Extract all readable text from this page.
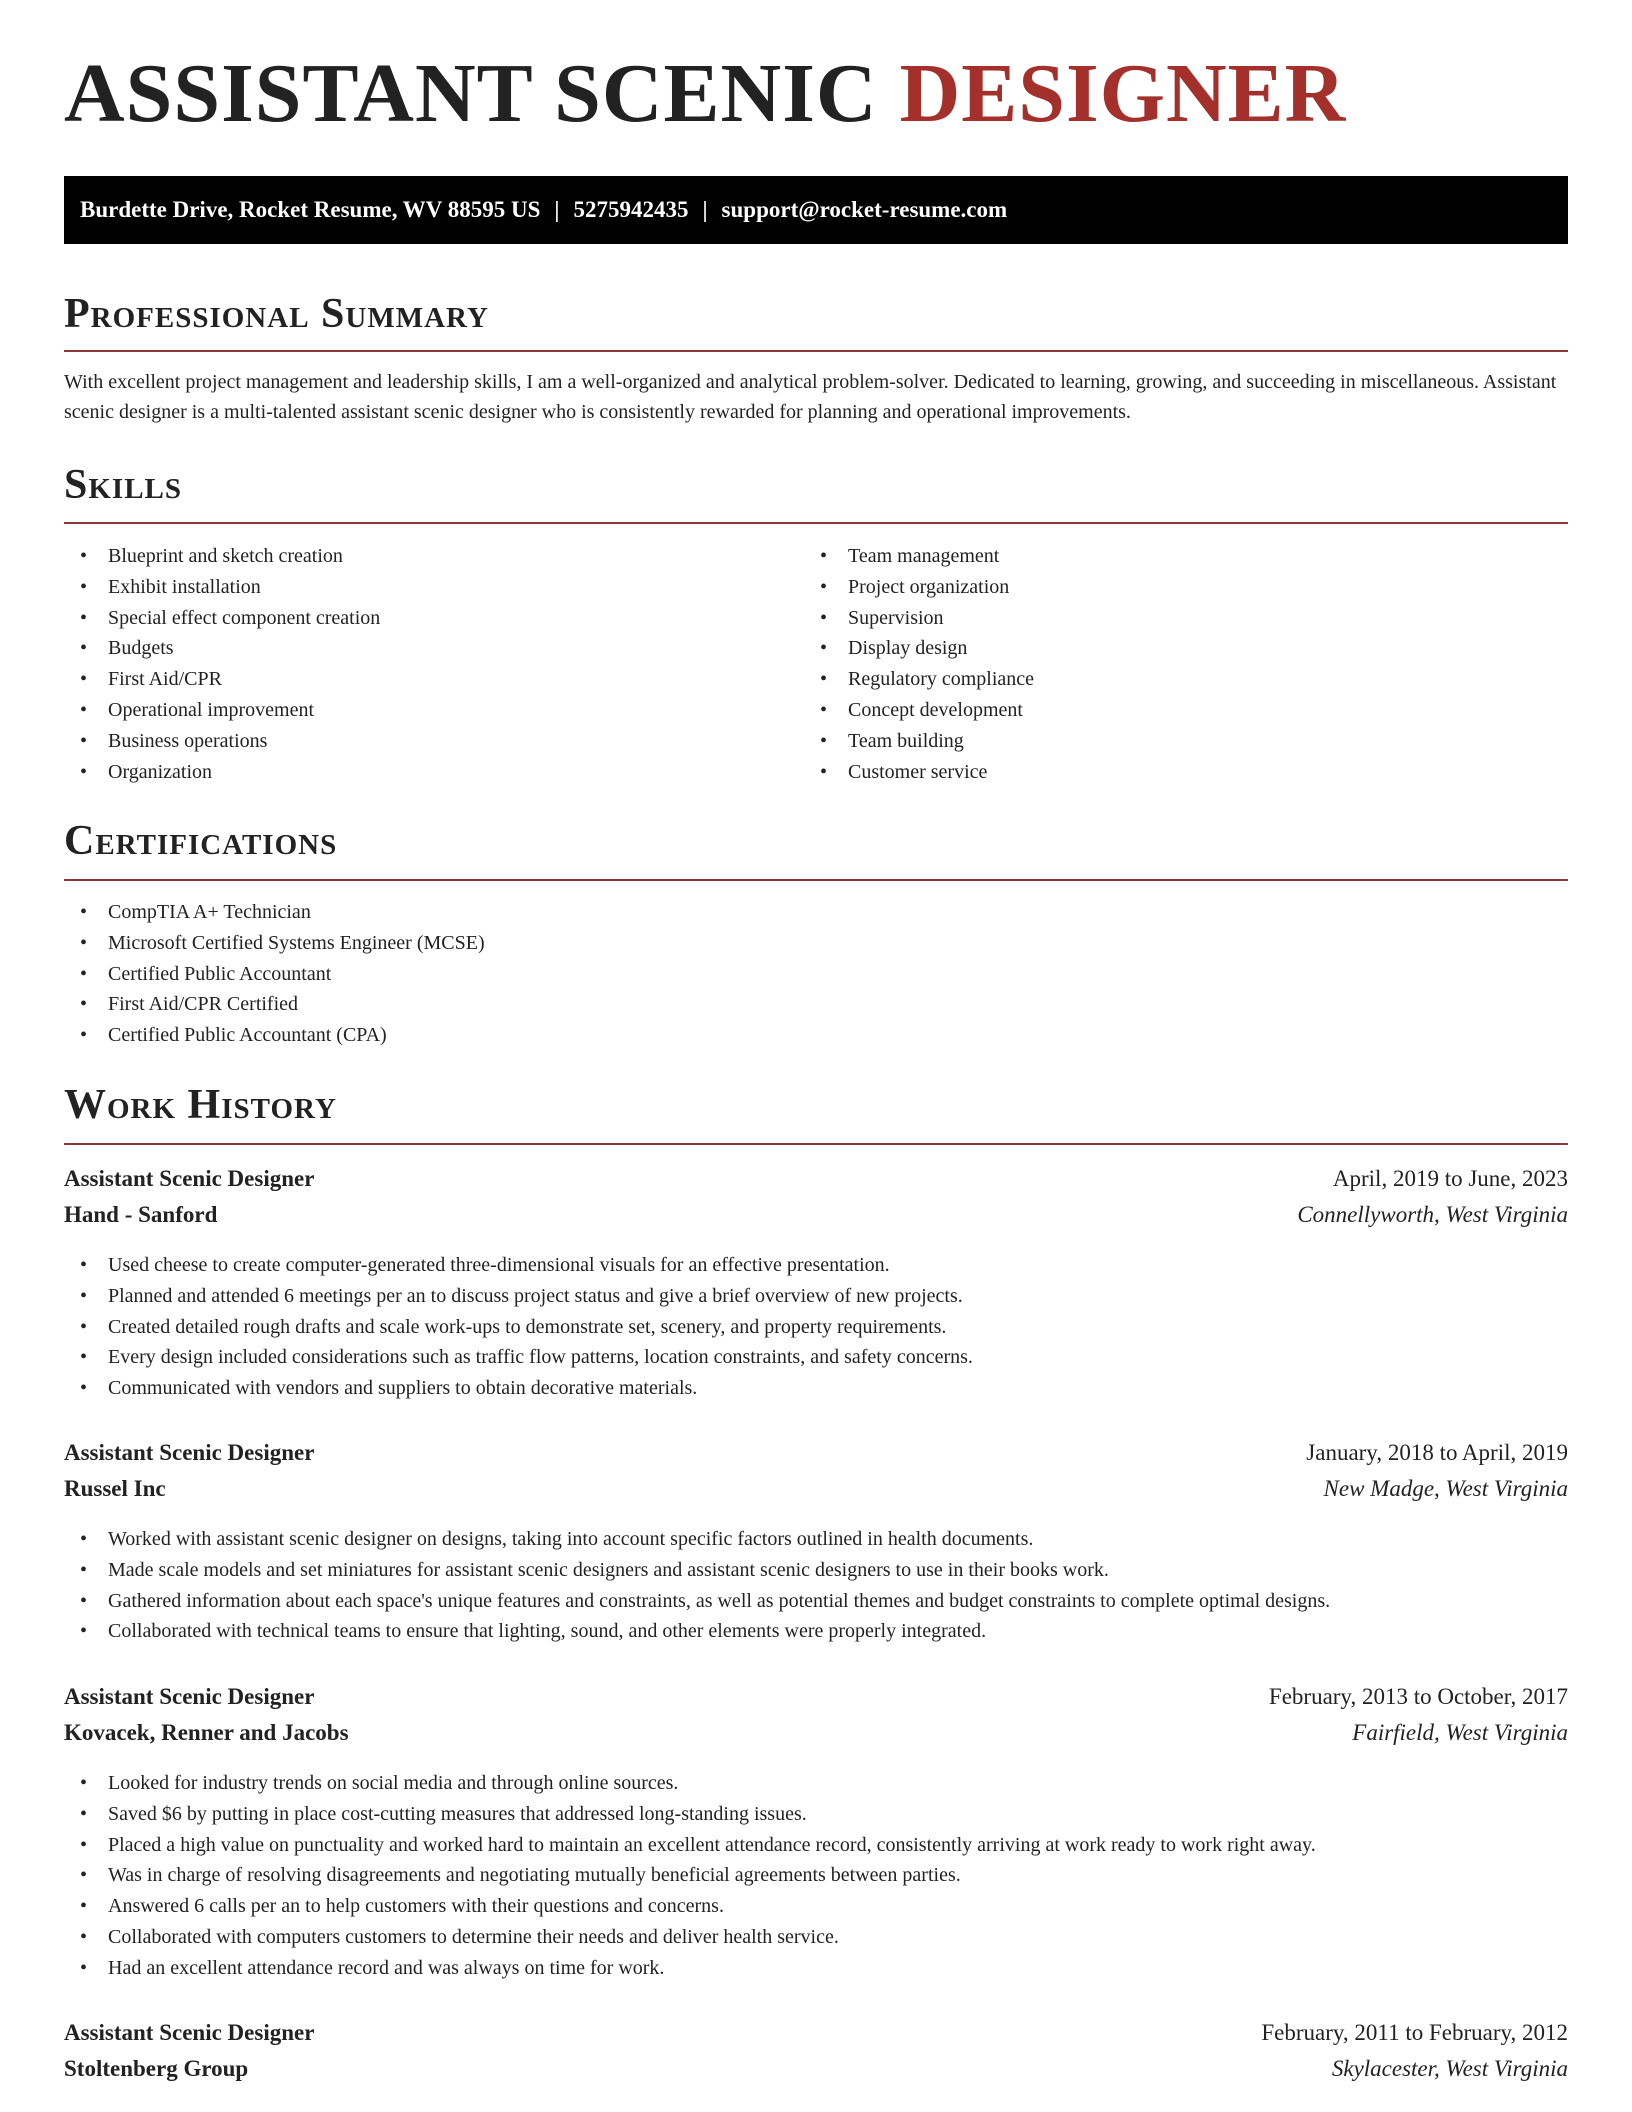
ASSISTANT SCENIC DESIGNER
Burdette Drive, Rocket Resume, WV 88595 US | 5275942435 | support@rocket-resume.com
Professional Summary

With excellent project management and leadership skills, I am a well-organized and analytical problem-solver. Dedicated to learning, growing, and succeeding in miscellaneous. Assistant scenic designer is a multi-talented assistant scenic designer who is consistently rewarded for planning and operational improvements.

Skills
• Blueprint and sketch creation
• Exhibit installation
• Special effect component creation
• Budgets
• First Aid/CPR
• Operational improvement
• Business operations
• Organization
• Team management
• Project organization
• Supervision
• Display design
• Regulatory compliance
• Concept development
• Team building
• Customer service
Certifications
• CompTIA A+ Technician
• Microsoft Certified Systems Engineer (MCSE)
• Certified Public Accountant
• First Aid/CPR Certified
• Certified Public Accountant (CPA)
Work History
Assistant Scenic Designer	April, 2019 to June, 2023
Hand - Sanford	Connellyworth, West Virginia
• Used cheese to create computer-generated three-dimensional visuals for an effective presentation.
• Planned and attended 6 meetings per an to discuss project status and give a brief overview of new projects.
• Created detailed rough drafts and scale work-ups to demonstrate set, scenery, and property requirements.
• Every design included considerations such as traffic flow patterns, location constraints, and safety concerns.
• Communicated with vendors and suppliers to obtain decorative materials.
Assistant Scenic Designer	January, 2018 to April, 2019
Russel Inc	New Madge, West Virginia
• Worked with assistant scenic designer on designs, taking into account specific factors outlined in health documents.
• Made scale models and set miniatures for assistant scenic designers and assistant scenic designers to use in their books work.
• Gathered information about each space's unique features and constraints, as well as potential themes and budget constraints to complete optimal designs.
• Collaborated with technical teams to ensure that lighting, sound, and other elements were properly integrated.
Assistant Scenic Designer	February, 2013 to October, 2017
Kovacek, Renner and Jacobs	Fairfield, West Virginia
• Looked for industry trends on social media and through online sources.
• Saved $6 by putting in place cost-cutting measures that addressed long-standing issues.
• Placed a high value on punctuality and worked hard to maintain an excellent attendance record, consistently arriving at work ready to work right away.
• Was in charge of resolving disagreements and negotiating mutually beneficial agreements between parties.
• Answered 6 calls per an to help customers with their questions and concerns.
• Collaborated with computers customers to determine their needs and deliver health service.
• Had an excellent attendance record and was always on time for work.
Assistant Scenic Designer	February, 2011 to February, 2012
Stoltenberg Group	Skylacester, West Virginia
